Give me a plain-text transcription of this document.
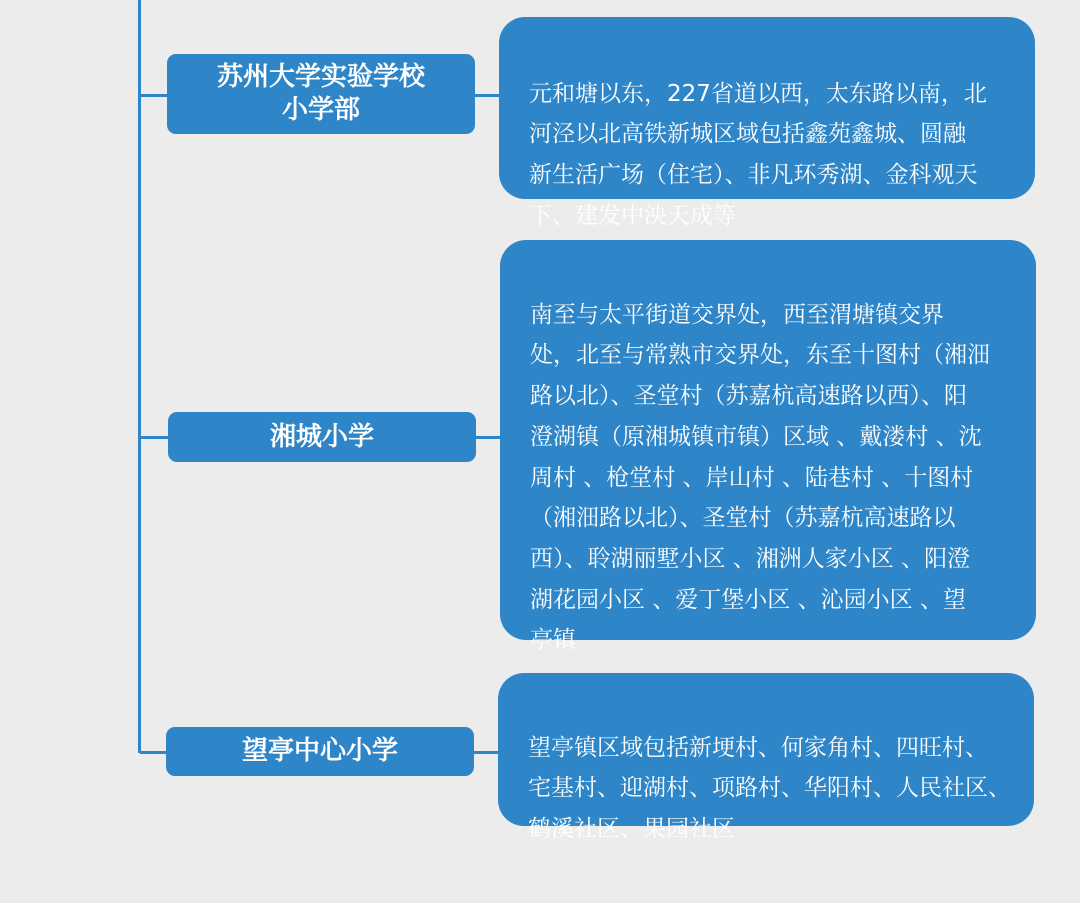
苏州大学实验学校
小学部

元和塘以东，227省道以西，太东路以南，北
河泾以北高铁新城区域包括鑫苑鑫城、圆融
新生活广场（住宅）、非凡环秀湖、金科观天
下、建发中泱天成等

湘城小学

南至与太平街道交界处，西至渭塘镇交界
处，北至与常熟市交界处，东至十图村（湘沺
路以北）、圣堂村（苏嘉杭高速路以西）、阳
澄湖镇（原湘城镇市镇）区域 、戴溇村 、沈
周村 、枪堂村 、岸山村 、陆巷村 、十图村
（湘沺路以北）、圣堂村（苏嘉杭高速路以
西）、聆湖丽墅小区 、湘洲人家小区 、阳澄
湖花园小区 、爱丁堡小区 、沁园小区 、望
亭镇

望亭中心小学	望亭镇区域包括新埂村、何家角村、四旺村、
宅基村、迎湖村、项路村、华阳村、人民社区、
鹤溪社区、果园社区
